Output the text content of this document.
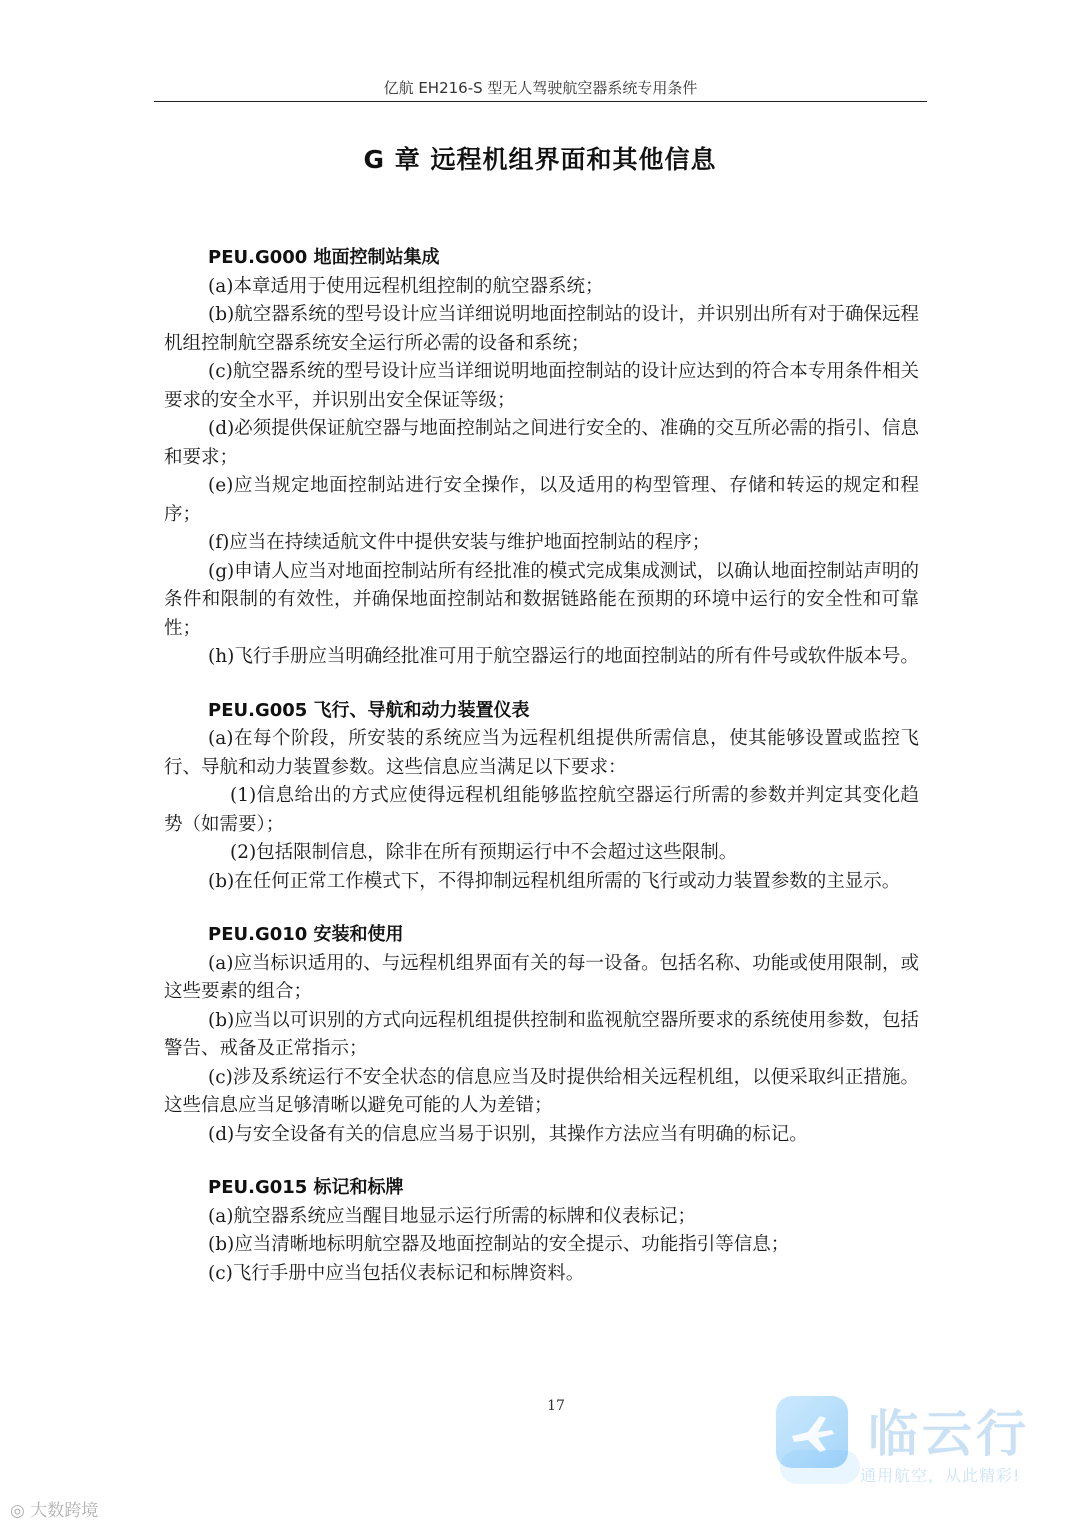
亿航 EH216-S 型无人驾驶航空器系统专用条件
G 章 远程机组界面和其他信息
PEU.G000 地面控制站集成

(a)本章适用于使用远程机组控制的航空器系统；

(b)航空器系统的型号设计应当详细说明地面控制站的设计，并识别出所有对于确保远程机组控制航空器系统安全运行所必需的设备和系统；

(c)航空器系统的型号设计应当详细说明地面控制站的设计应达到的符合本专用条件相关要求的安全水平，并识别出安全保证等级；

(d)必须提供保证航空器与地面控制站之间进行安全的、准确的交互所必需的指引、信息和要求；

(e)应当规定地面控制站进行安全操作，以及适用的构型管理、存储和转运的规定和程序；

(f)应当在持续适航文件中提供安装与维护地面控制站的程序；

(g)申请人应当对地面控制站所有经批准的模式完成集成测试，以确认地面控制站声明的条件和限制的有效性，并确保地面控制站和数据链路能在预期的环境中运行的安全性和可靠性；

(h)飞行手册应当明确经批准可用于航空器运行的地面控制站的所有件号或软件版本号。

PEU.G005 飞行、导航和动力装置仪表

(a)在每个阶段，所安装的系统应当为远程机组提供所需信息，使其能够设置或监控飞行、导航和动力装置参数。这些信息应当满足以下要求：

(1)信息给出的方式应使得远程机组能够监控航空器运行所需的参数并判定其变化趋势（如需要）；

(2)包括限制信息，除非在所有预期运行中不会超过这些限制。

(b)在任何正常工作模式下，不得抑制远程机组所需的飞行或动力装置参数的主显示。

PEU.G010 安装和使用

(a)应当标识适用的、与远程机组界面有关的每一设备。包括名称、功能或使用限制，或这些要素的组合；

(b)应当以可识别的方式向远程机组提供控制和监视航空器所要求的系统使用参数，包括警告、戒备及正常指示；

(c)涉及系统运行不安全状态的信息应当及时提供给相关远程机组，以便采取纠正措施。这些信息应当足够清晰以避免可能的人为差错；

(d)与安全设备有关的信息应当易于识别，其操作方法应当有明确的标记。

PEU.G015 标记和标牌

(a)航空器系统应当醒目地显示运行所需的标牌和仪表标记；

(b)应当清晰地标明航空器及地面控制站的安全提示、功能指引等信息；

(c)飞行手册中应当包括仪表标记和标牌资料。

17	临云行
通用航空，从此精彩!
◎ 大数跨境
